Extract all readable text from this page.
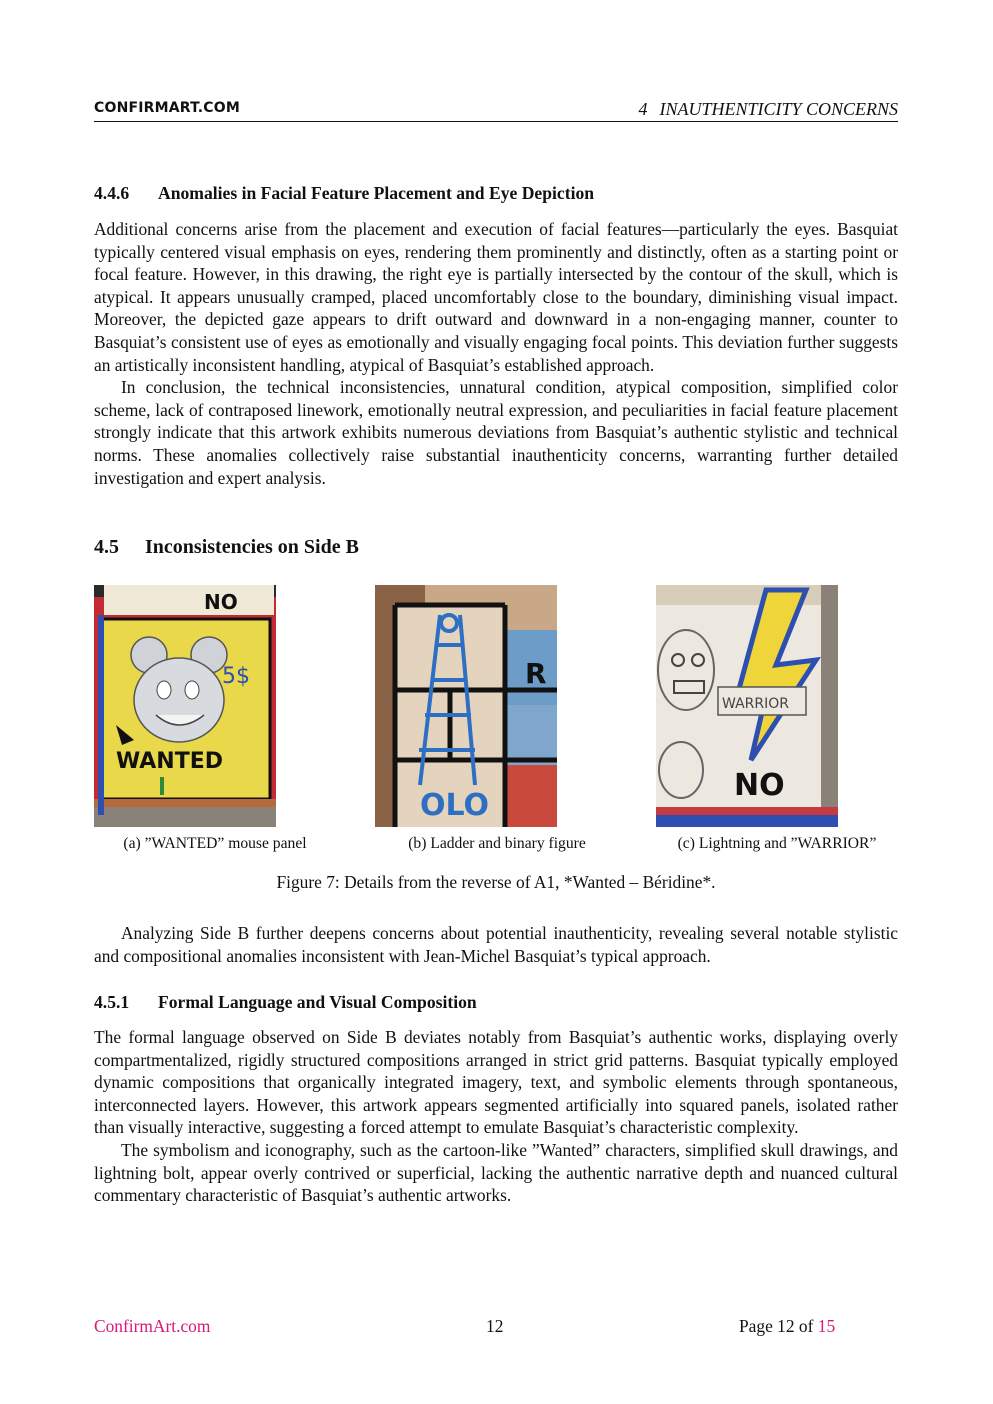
CONFIRMART.COM	4 INAUTHENTICITY CONCERNS
4.4.6 Anomalies in Facial Feature Placement and Eye Depiction

Additional concerns arise from the placement and execution of facial features—particularly the eyes. Basquiat typically centered visual emphasis on eyes, rendering them prominently and distinctly, often as a starting point or focal feature. However, in this drawing, the right eye is partially intersected by the contour of the skull, which is atypical. It appears unusually cramped, placed uncomfortably close to the boundary, diminishing visual impact. Moreover, the depicted gaze appears to drift outward and downward in a non-engaging manner, counter to Basquiat’s consistent use of eyes as emotionally and visually engaging focal points. This deviation further suggests an artistically inconsistent handling, atypical of Basquiat’s established approach.

In conclusion, the technical inconsistencies, unnatural condition, atypical composition, simplified color scheme, lack of contraposed linework, emotionally neutral expression, and peculiarities in facial feature placement strongly indicate that this artwork exhibits numerous deviations from Basquiat’s authentic stylistic and technical norms. These anomalies collectively raise substantial inauthenticity concerns, warranting further detailed investigation and expert analysis.

4.5 Inconsistencies on Side B
NO
5$
WANTED
R
OLO
WARRIOR
NO
(a) ”WANTED” mouse panel	(b) Ladder and binary figure	(c) Lightning and ”WARRIOR”
Figure 7: Details from the reverse of A1, *Wanted – Béridine*.

Analyzing Side B further deepens concerns about potential inauthenticity, revealing several notable stylistic and compositional anomalies inconsistent with Jean-Michel Basquiat’s typical approach.

4.5.1 Formal Language and Visual Composition

The formal language observed on Side B deviates notably from Basquiat’s authentic works, displaying overly compartmentalized, rigidly structured compositions arranged in strict grid patterns. Basquiat typically employed dynamic compositions that organically integrated imagery, text, and symbolic elements through spontaneous, interconnected layers. However, this artwork appears segmented artificially into squared panels, isolated rather than visually interactive, suggesting a forced attempt to emulate Basquiat’s characteristic complexity.

The symbolism and iconography, such as the cartoon-like ”Wanted” characters, simplified skull drawings, and lightning bolt, appear overly contrived or superficial, lacking the authentic narrative depth and nuanced cultural commentary characteristic of Basquiat’s authentic artworks.

ConfirmArt.com	12	Page 12 of 15
